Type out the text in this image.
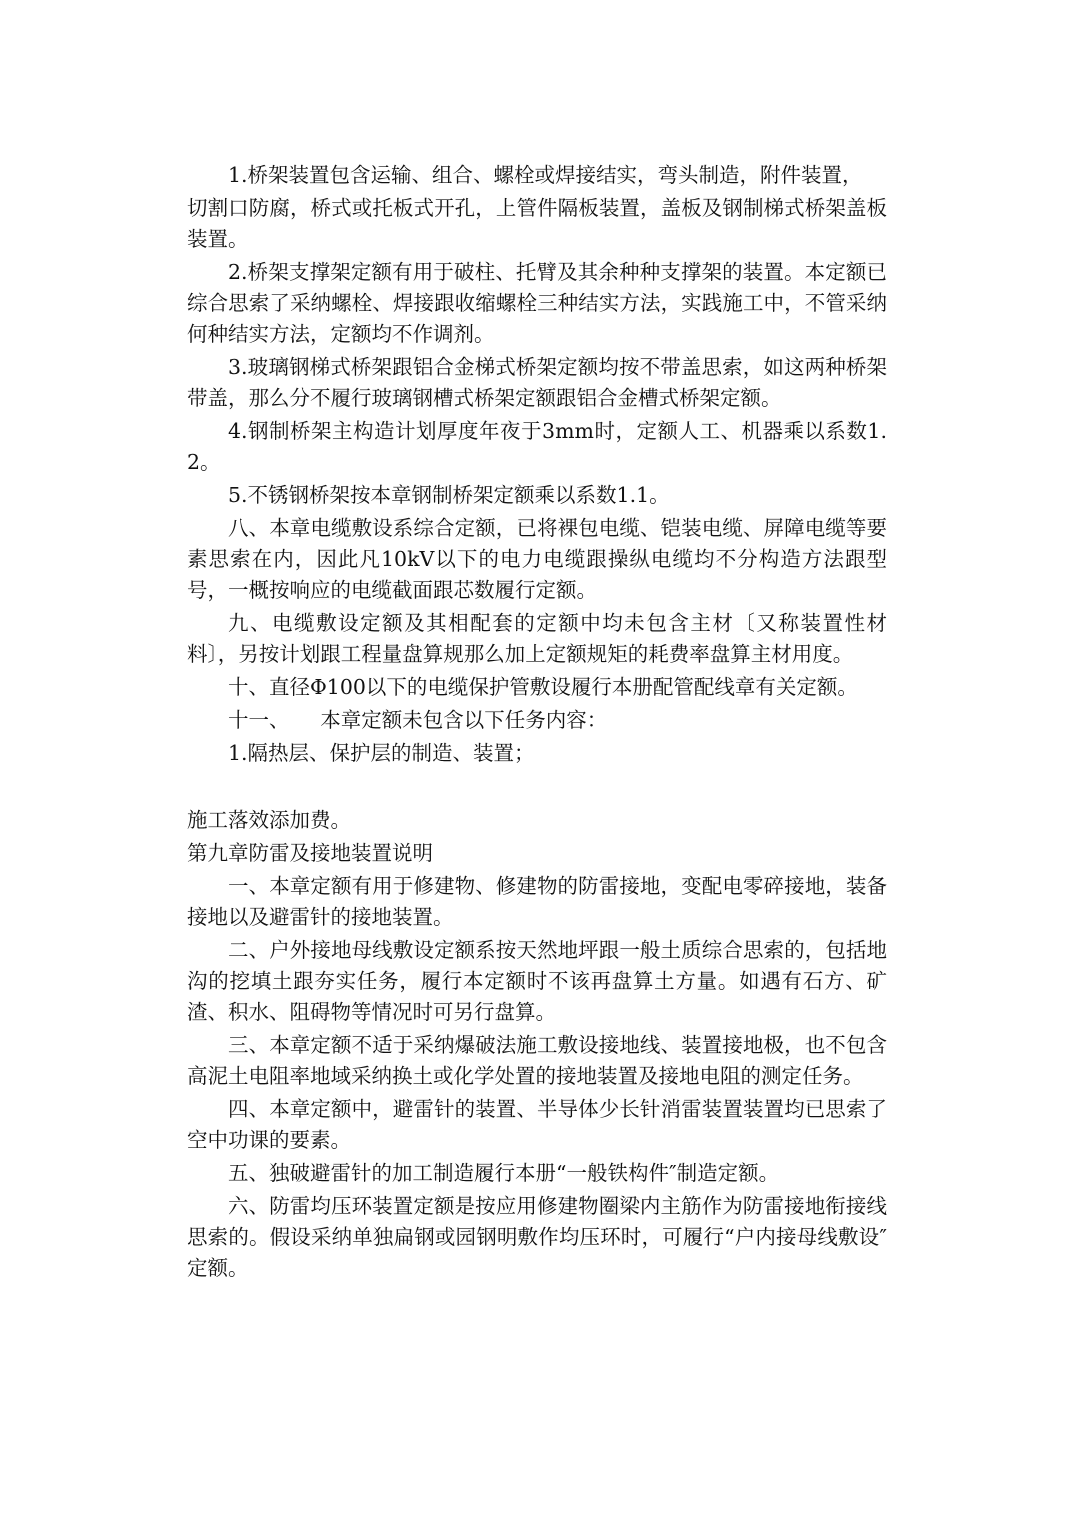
1.桥架装置包含运输、组合、螺栓或焊接结实，弯头制造，附件装置，

切割口防腐，桥式或托板式开孔，上管件隔板装置，盖板及钢制梯式桥架盖板装置。

2.桥架支撑架定额有用于破柱、托臂及其余种种支撑架的装置。本定额已综合思索了采纳螺栓、焊接跟收缩螺栓三种结实方法，实践施工中，不管采纳何种结实方法，定额均不作调剂。

3.玻璃钢梯式桥架跟铝合金梯式桥架定额均按不带盖思索，如这两种桥架带盖，那么分不履行玻璃钢槽式桥架定额跟铝合金槽式桥架定额。

4.钢制桥架主构造计划厚度年夜于3mm时，定额人工、机器乘以系数1.2。

5.不锈钢桥架按本章钢制桥架定额乘以系数1.1。

八、本章电缆敷设系综合定额，已将裸包电缆、铠装电缆、屏障电缆等要素思索在内，因此凡10kV以下的电力电缆跟操纵电缆均不分构造方法跟型号，一概按响应的电缆截面跟芯数履行定额。

九、电缆敷设定额及其相配套的定额中均未包含主材〔又称装置性材料〕，另按计划跟工程量盘算规那么加上定额规矩的耗费率盘算主材用度。

十、直径Φ100以下的电缆保护管敷设履行本册配管配线章有关定额。

十一、　　本章定额未包含以下任务内容：

1.隔热层、保护层的制造、装置；

施工落效添加费。

第九章防雷及接地装置说明

一、本章定额有用于修建物、修建物的防雷接地，变配电零碎接地，装备接地以及避雷针的接地装置。

二、户外接地母线敷设定额系按天然地坪跟一般土质综合思索的，包括地沟的挖填土跟夯实任务，履行本定额时不该再盘算土方量。如遇有石方、矿渣、积水、阻碍物等情况时可另行盘算。

三、本章定额不适于采纳爆破法施工敷设接地线、装置接地极，也不包含高泥土电阻率地域采纳换土或化学处置的接地装置及接地电阻的测定任务。

四、本章定额中，避雷针的装置、半导体少长针消雷装置装置均已思索了空中功课的要素。

五、独破避雷针的加工制造履行本册“一般铁构件″制造定额。

六、防雷均压环装置定额是按应用修建物圈梁内主筋作为防雷接地衔接线思索的。假设采纳单独扁钢或园钢明敷作均压环时，可履行“户内接母线敷设″定额。
